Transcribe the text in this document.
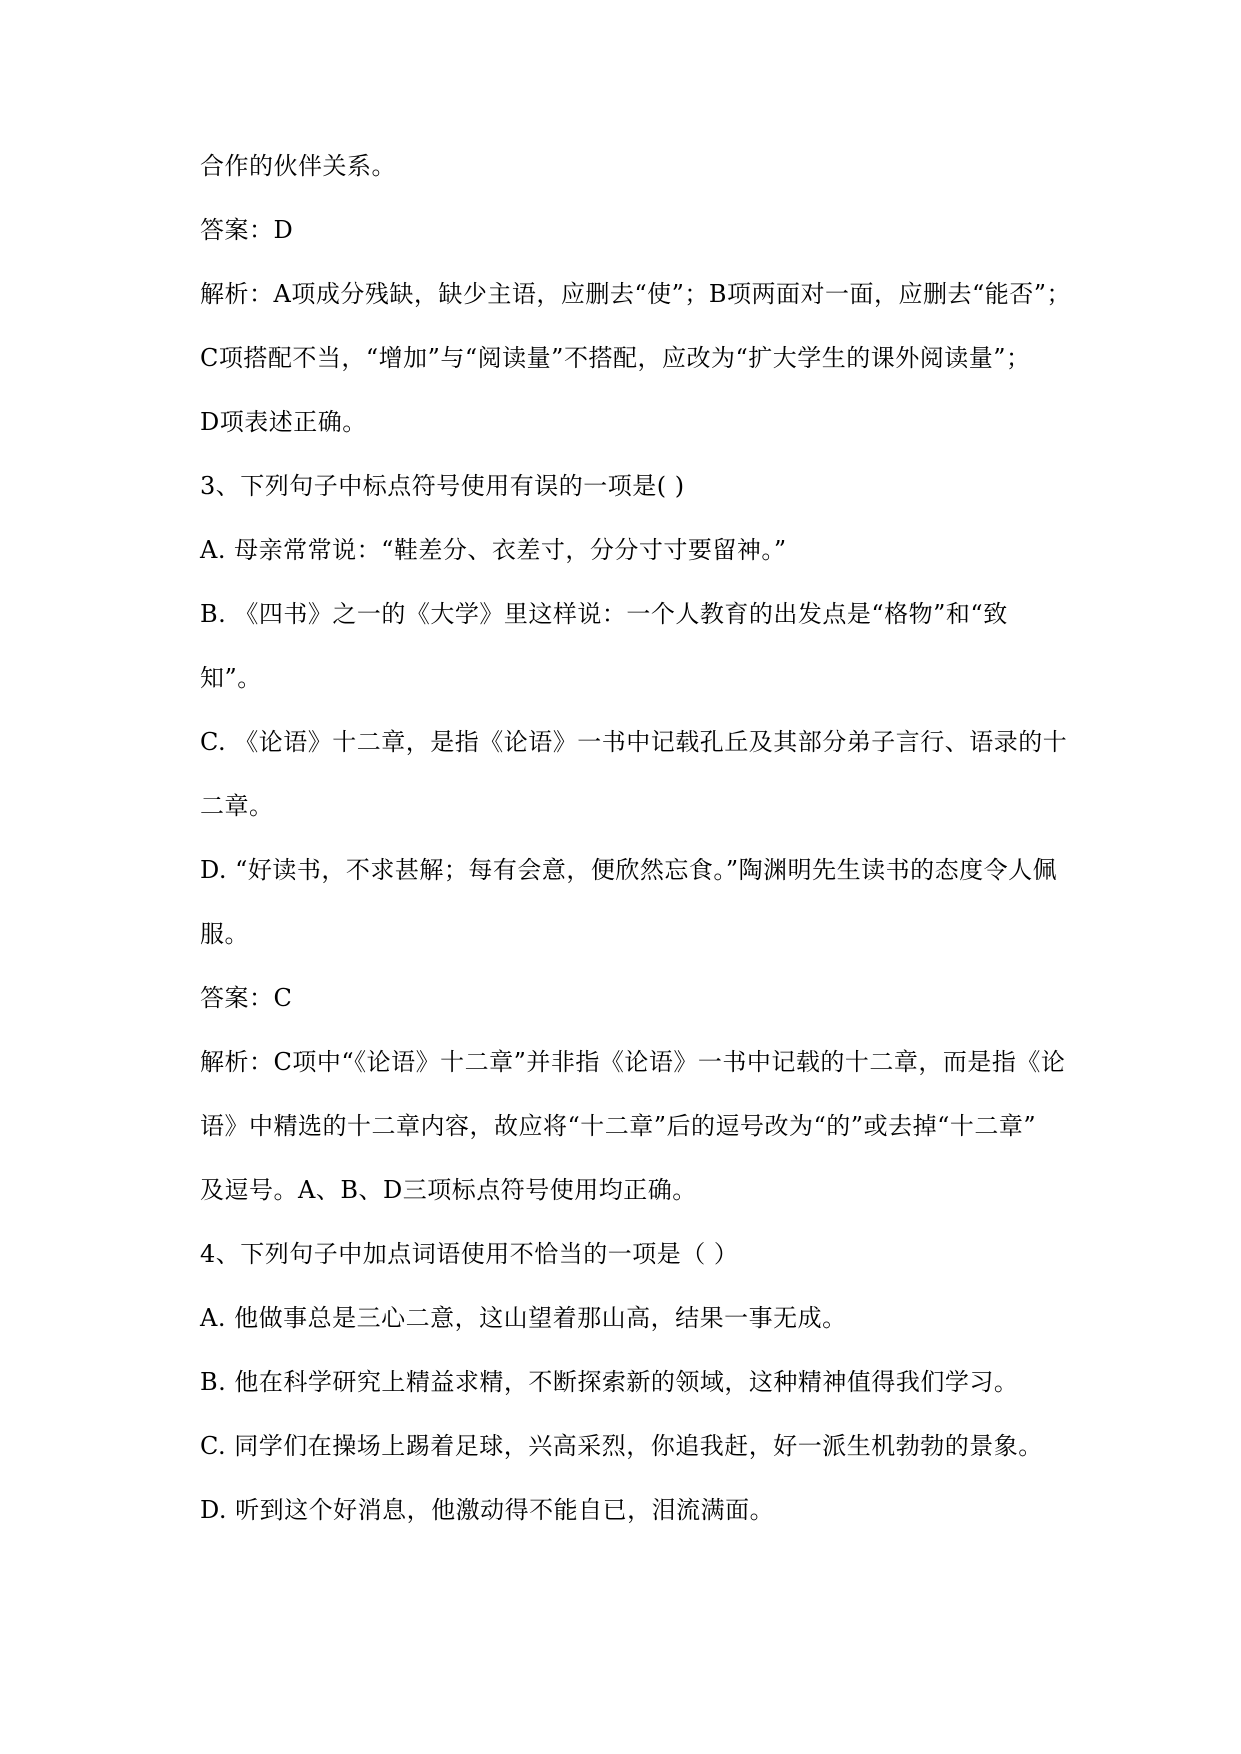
合作的伙伴关系。
答案：D
解析：A项成分残缺，缺少主语，应删去“使”；B项两面对一面，应删去“能否”；
C项搭配不当，“增加”与“阅读量”不搭配，应改为“扩大学生的课外阅读量”；
D项表述正确。
3、下列句子中标点符号使用有误的一项是( )
A. 母亲常常说：“鞋差分、衣差寸，分分寸寸要留神。”
B. 《四书》之一的《大学》里这样说：一个人教育的出发点是“格物”和“致
知”。
C. 《论语》十二章，是指《论语》一书中记载孔丘及其部分弟子言行、语录的十
二章。
D. “好读书，不求甚解；每有会意，便欣然忘食。”陶渊明先生读书的态度令人佩
服。
答案：C
解析：C项中“《论语》十二章”并非指《论语》一书中记载的十二章，而是指《论
语》中精选的十二章内容，故应将“十二章”后的逗号改为“的”或去掉“十二章”
及逗号。A、B、D三项标点符号使用均正确。
4、下列句子中加点词语使用不恰当的一项是（ ）
A. 他做事总是三心二意，这山望着那山高，结果一事无成。
B. 他在科学研究上精益求精，不断探索新的领域，这种精神值得我们学习。
C. 同学们在操场上踢着足球，兴高采烈，你追我赶，好一派生机勃勃的景象。
D. 听到这个好消息，他激动得不能自已，泪流满面。
